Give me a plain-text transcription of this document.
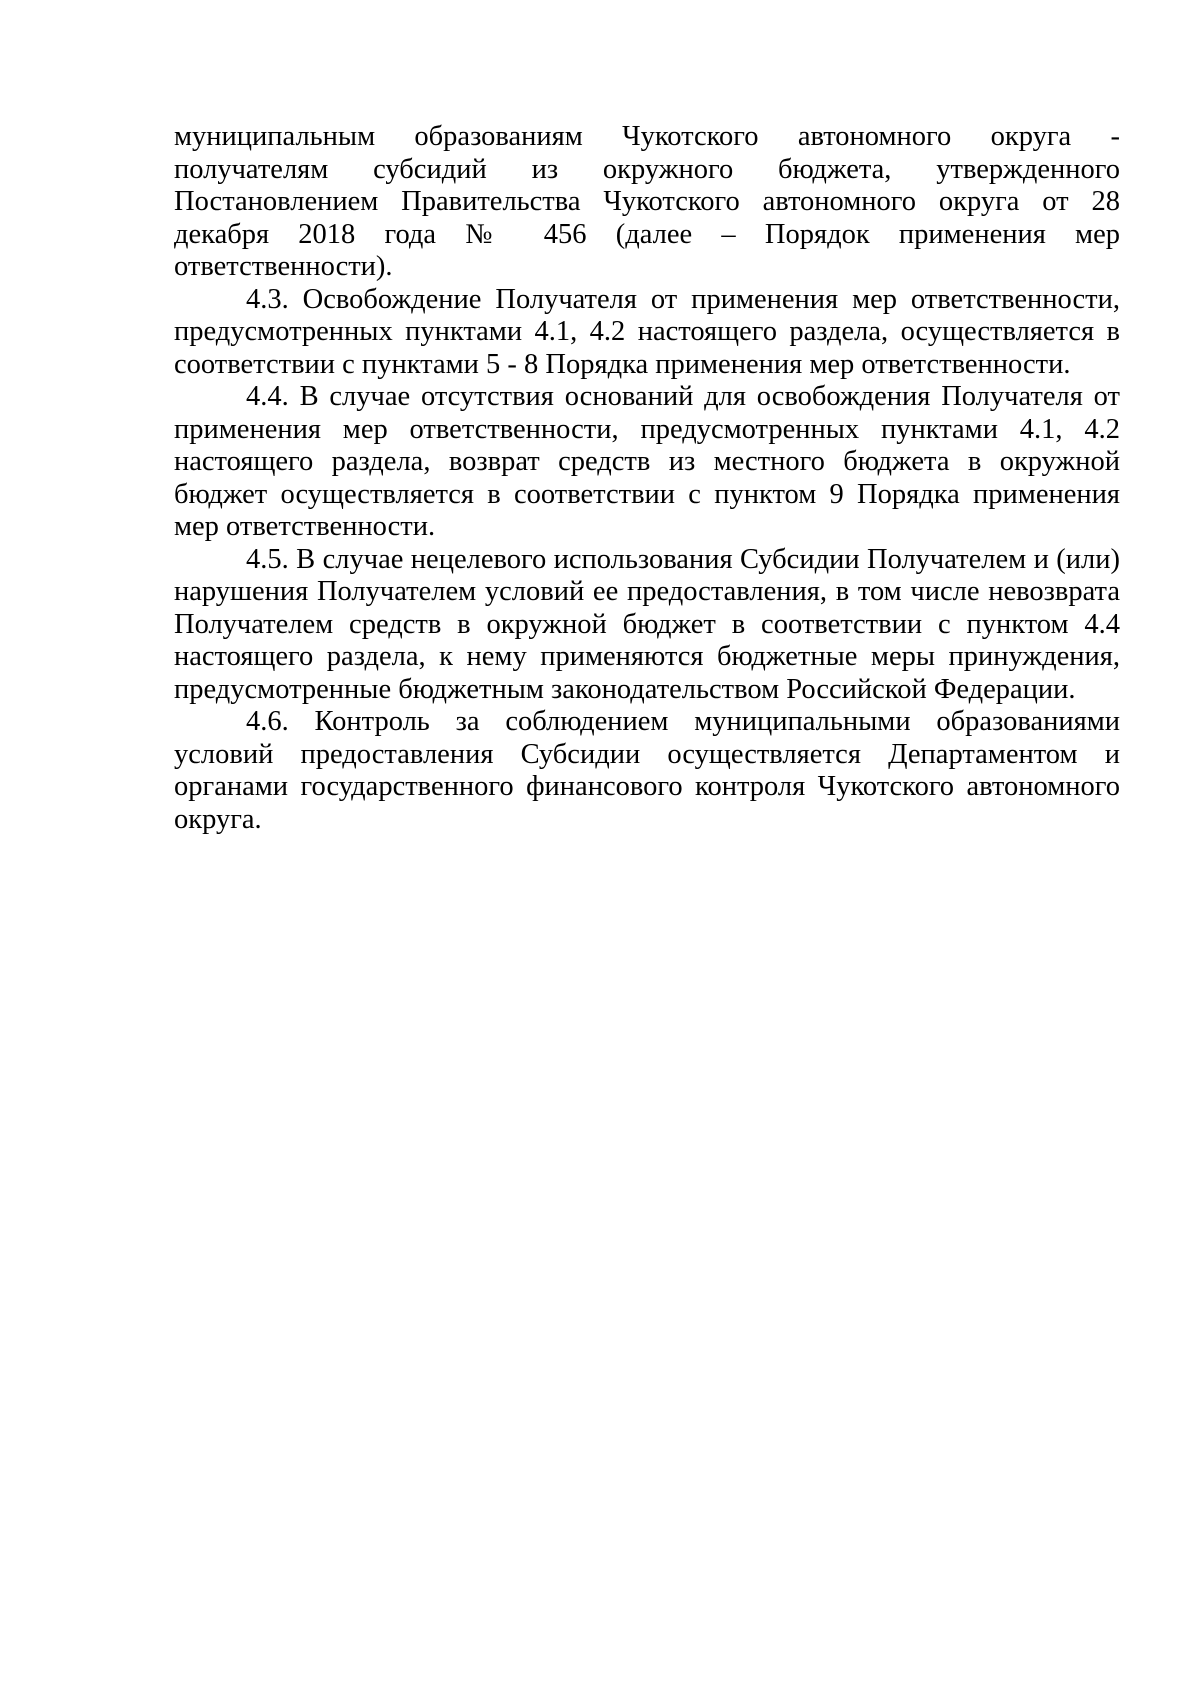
муниципальным образованиям Чукотского автономного округа - получателям субсидий из окружного бюджета, утвержденного Постановлением Правительства Чукотского автономного округа от 28 декабря 2018 года № 456 (далее – Порядок применения мер ответственности).

4.3. Освобождение Получателя от применения мер ответственности, предусмотренных пунктами 4.1, 4.2 настоящего раздела, осуществляется в соответствии с пунктами 5 - 8 Порядка применения мер ответственности.

4.4. В случае отсутствия оснований для освобождения Получателя от применения мер ответственности, предусмотренных пунктами 4.1, 4.2 настоящего раздела, возврат средств из местного бюджета в окружной бюджет осуществляется в соответствии с пунктом 9 Порядка применения мер ответственности.

4.5. В случае нецелевого использования Субсидии Получателем и (или) нарушения Получателем условий ее предоставления, в том числе невозврата Получателем средств в окружной бюджет в соответствии с пунктом 4.4 настоящего раздела, к нему применяются бюджетные меры принуждения, предусмотренные бюджетным законодательством Российской Федерации.

4.6. Контроль за соблюдением муниципальными образованиями условий предоставления Субсидии осуществляется Департаментом и органами государственного финансового контроля Чукотского автономного округа.
